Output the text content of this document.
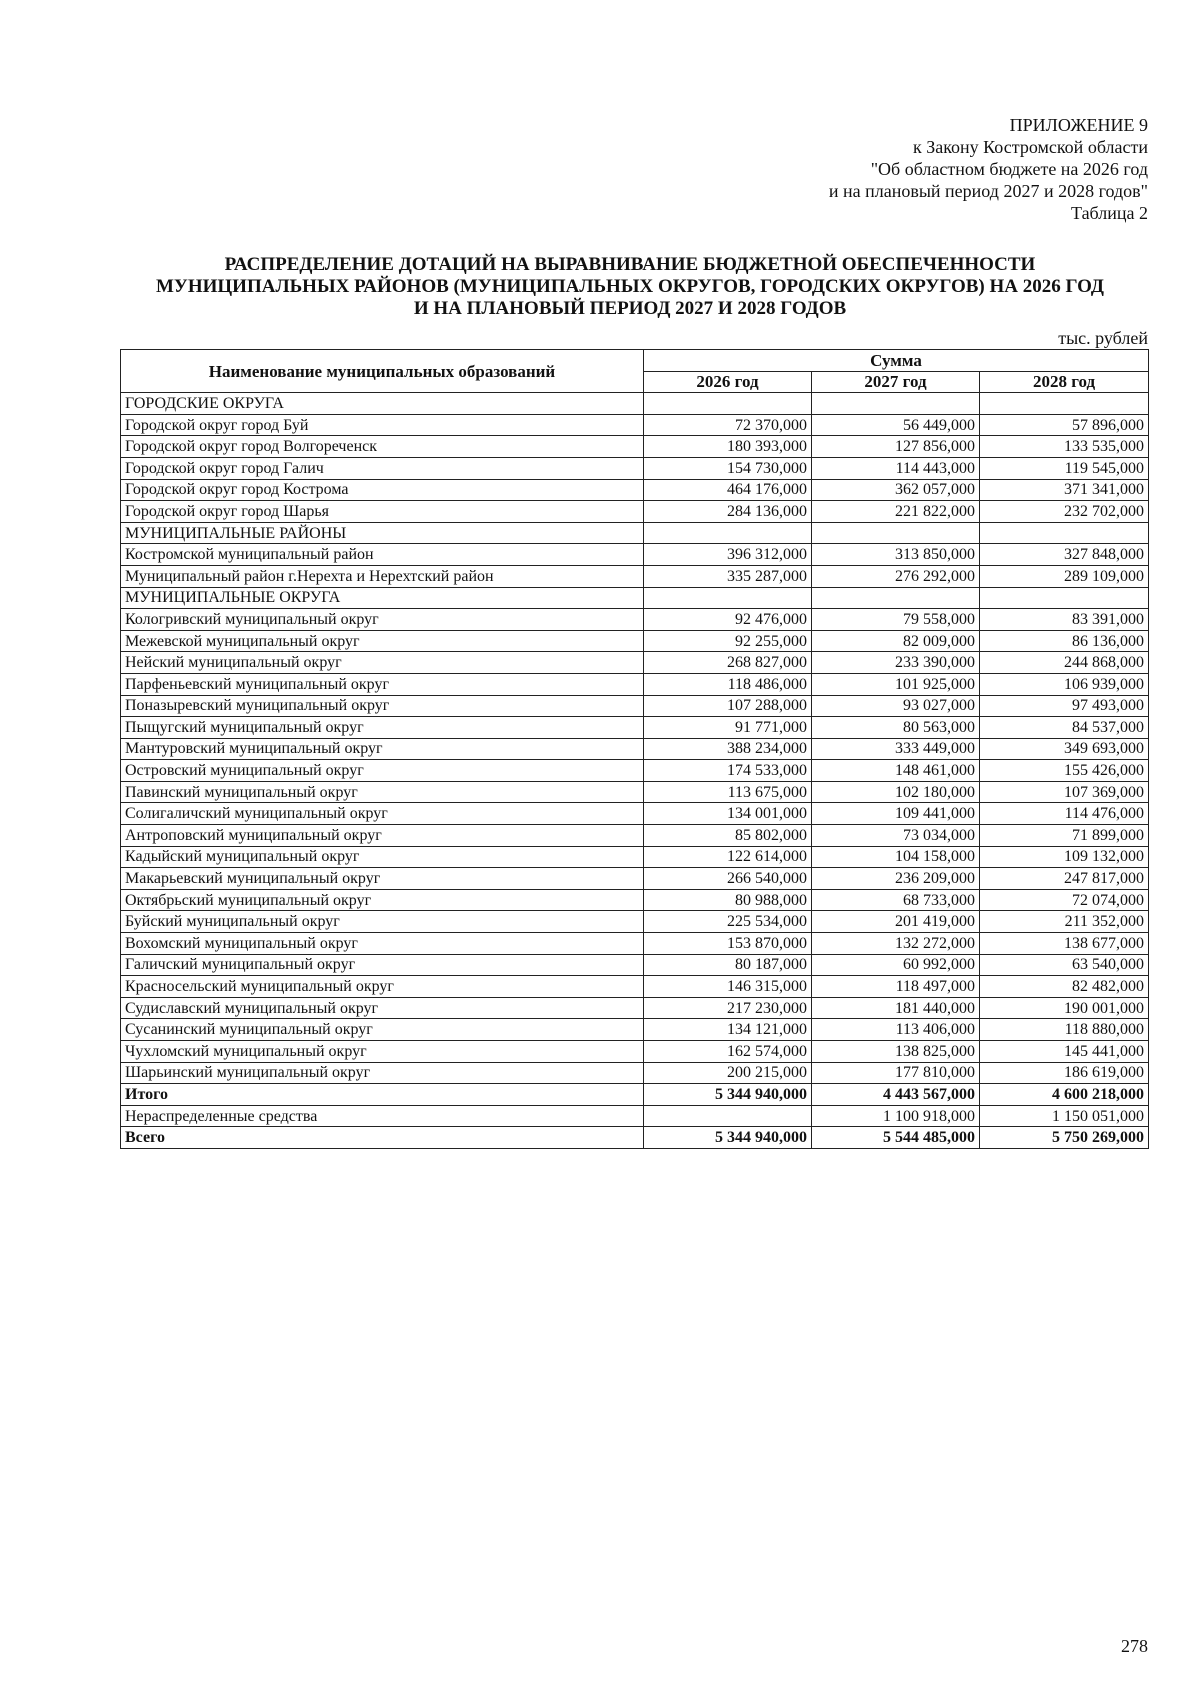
ПРИЛОЖЕНИЕ 9
к Закону Костромской области
"Об областном бюджете на 2026 год
и на плановый период 2027 и 2028 годов"
Таблица 2
РАСПРЕДЕЛЕНИЕ ДОТАЦИЙ НА ВЫРАВНИВАНИЕ БЮДЖЕТНОЙ ОБЕСПЕЧЕННОСТИ
МУНИЦИПАЛЬНЫХ РАЙОНОВ (МУНИЦИПАЛЬНЫХ ОКРУГОВ, ГОРОДСКИХ ОКРУГОВ) НА 2026 ГОД
И НА ПЛАНОВЫЙ ПЕРИОД 2027 И 2028 ГОДОВ
тыс. рублей
Наименование муниципальных образований	Сумма		
	2026 год	2027 год	2028 год
ГОРОДСКИЕ ОКРУГА			
Городской округ город Буй	72 370,000	56 449,000	57 896,000
Городской округ город Волгореченск	180 393,000	127 856,000	133 535,000
Городской округ город Галич	154 730,000	114 443,000	119 545,000
Городской округ город Кострома	464 176,000	362 057,000	371 341,000
Городской округ город Шарья	284 136,000	221 822,000	232 702,000
МУНИЦИПАЛЬНЫЕ РАЙОНЫ			
Костромской муниципальный район	396 312,000	313 850,000	327 848,000
Муниципальный район г.Нерехта и Нерехтский район	335 287,000	276 292,000	289 109,000
МУНИЦИПАЛЬНЫЕ ОКРУГА			
Кологривский муниципальный округ	92 476,000	79 558,000	83 391,000
Межевской муниципальный округ	92 255,000	82 009,000	86 136,000
Нейский муниципальный округ	268 827,000	233 390,000	244 868,000
Парфеньевский муниципальный округ	118 486,000	101 925,000	106 939,000
Поназыревский муниципальный округ	107 288,000	93 027,000	97 493,000
Пыщугский муниципальный округ	91 771,000	80 563,000	84 537,000
Мантуровский муниципальный округ	388 234,000	333 449,000	349 693,000
Островский муниципальный округ	174 533,000	148 461,000	155 426,000
Павинский муниципальный округ	113 675,000	102 180,000	107 369,000
Солигаличский муниципальный округ	134 001,000	109 441,000	114 476,000
Антроповский муниципальный округ	85 802,000	73 034,000	71 899,000
Кадыйский муниципальный округ	122 614,000	104 158,000	109 132,000
Макарьевский муниципальный округ	266 540,000	236 209,000	247 817,000
Октябрьский муниципальный округ	80 988,000	68 733,000	72 074,000
Буйский муниципальный округ	225 534,000	201 419,000	211 352,000
Вохомский муниципальный округ	153 870,000	132 272,000	138 677,000
Галичский муниципальный округ	80 187,000	60 992,000	63 540,000
Красносельский муниципальный округ	146 315,000	118 497,000	82 482,000
Судиславский муниципальный округ	217 230,000	181 440,000	190 001,000
Сусанинский муниципальный округ	134 121,000	113 406,000	118 880,000
Чухломский муниципальный округ	162 574,000	138 825,000	145 441,000
Шарьинский муниципальный округ	200 215,000	177 810,000	186 619,000
Итого	5 344 940,000	4 443 567,000	4 600 218,000
Нераспределенные средства		1 100 918,000	1 150 051,000
Всего	5 344 940,000	5 544 485,000	5 750 269,000
278
